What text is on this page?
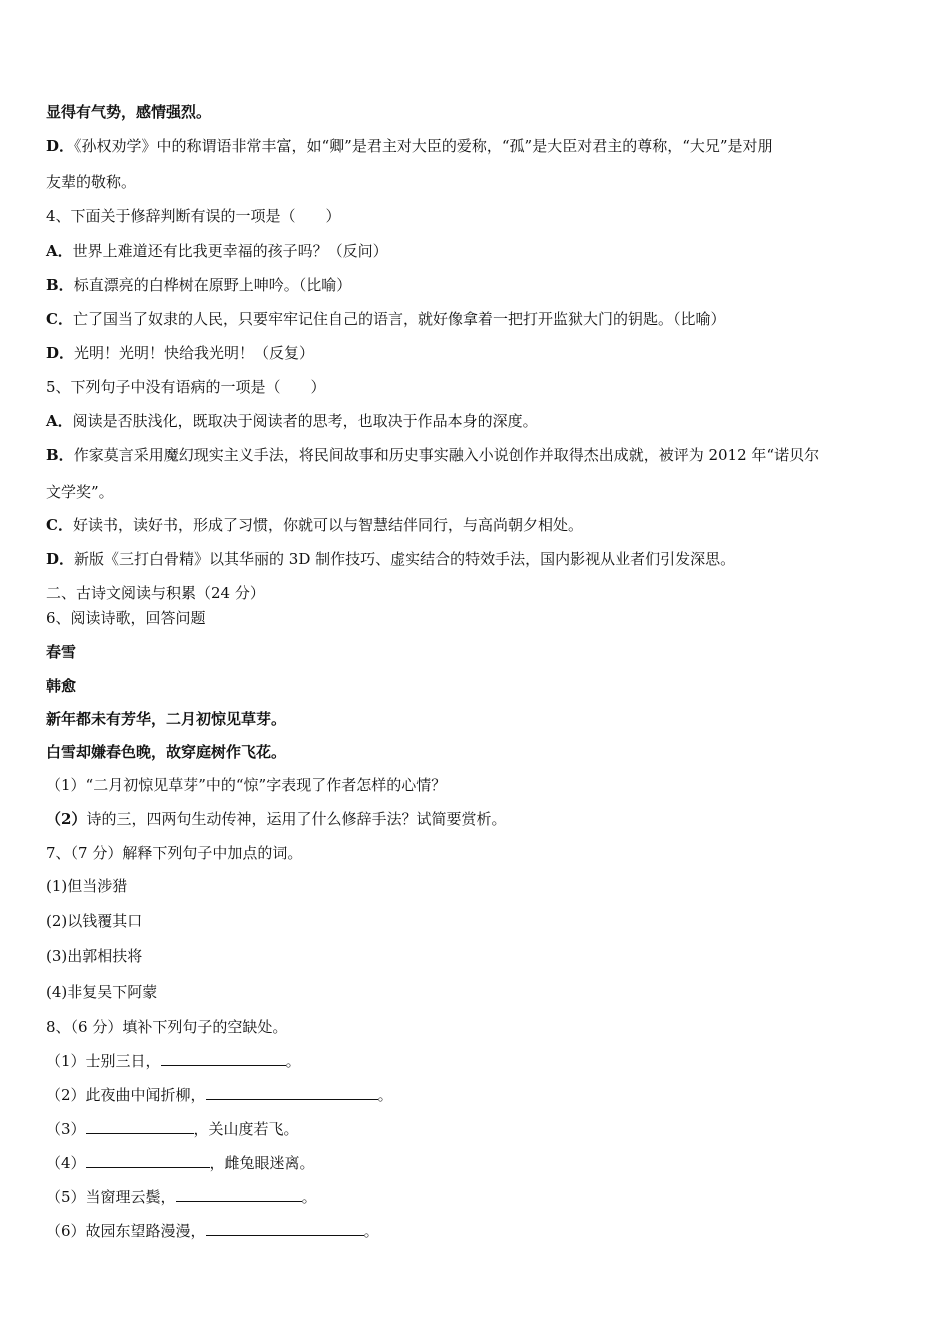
显得有气势，感情强烈。
D．《孙权劝学》中的称谓语非常丰富，如“卿”是君主对大臣的爱称，“孤”是大臣对君主的尊称，“大兄”是对朋
友辈的敬称。
4、下面关于修辞判断有误的一项是（　　）
A．世界上难道还有比我更幸福的孩子吗？（反问）
B．标直漂亮的白桦树在原野上呻吟。（比喻）
C．亡了国当了奴隶的人民，只要牢牢记住自己的语言，就好像拿着一把打开监狱大门的钥匙。（比喻）
D．光明！光明！快给我光明！（反复）
5、下列句子中没有语病的一项是（　　）
A．阅读是否肤浅化，既取决于阅读者的思考，也取决于作品本身的深度。
B．作家莫言采用魔幻现实主义手法，将民间故事和历史事实融入小说创作并取得杰出成就，被评为 2012 年“诺贝尔
文学奖”。
C．好读书，读好书，形成了习惯，你就可以与智慧结伴同行，与高尚朝夕相处。
D．新版《三打白骨精》以其华丽的 3D 制作技巧、虚实结合的特效手法，国内影视从业者们引发深思。
二、古诗文阅读与积累（24 分）
6、阅读诗歌，回答问题
春雪
韩愈
新年都未有芳华，二月初惊见草芽。
白雪却嫌春色晚，故穿庭树作飞花。
（1）“二月初惊见草芽”中的“惊”字表现了作者怎样的心情？
（2）诗的三，四两句生动传神，运用了什么修辞手法？试简要赏析。
7、（7 分）解释下列句子中加点的词。
(1)但当涉猎
(2)以钱覆其口
(3)出郭相扶将
(4)非复吴下阿蒙
8、（6 分）填补下列句子的空缺处。
（1）士别三日，	。
（2）此夜曲中闻折柳，	。
（3）	，关山度若飞。
（4）	，雌兔眼迷离。
（5）当窗理云鬓，	。
（6）故园东望路漫漫，	。
